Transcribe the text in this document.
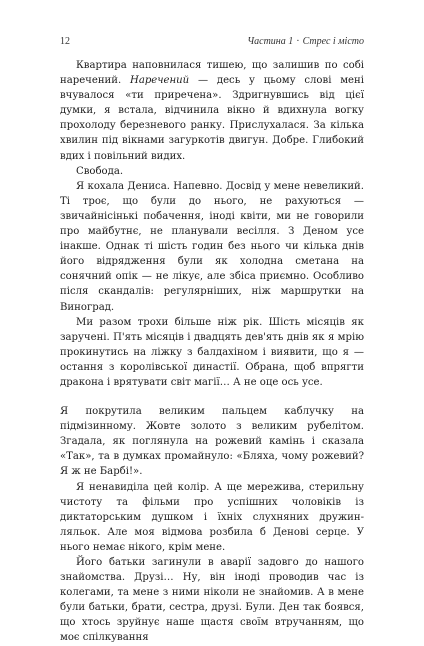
12	Частина 1 · Стрес і місто

Квартира наповнилася тишею, що залишив по собі наречений. Наречений — десь у цьому слові мені вчувалося «ти приречена». Здригнувшись від цієї думки, я встала, відчинила вікно й вдихнула вогку прохолоду березневого ранку. Прислухалася. За кілька хвилин під вікнами загуркотів двигун. Добре. Глибокий вдих і повільний видих.

Свобода.

Я кохала Дениса. Напевно. Досвід у мене невеликий. Ті троє, що були до нього, не рахуються — звичайнісінькі побачення, іноді квіти, ми не говорили про майбутнє, не планували весілля. З Деном усе інакше. Однак ті шість годин без нього чи кілька днів його відрядження були як холодна сметана на сонячний опік — не лікує, але збіса приємно. Особливо після скандалів: регулярніших, ніж маршрутки на Виноград.

Ми разом трохи більше ніж рік. Шість місяців як заручені. П'ять місяців і двадцять дев'ять днів як я мрію прокинутись на ліжку з балдахіном і виявити, що я — остання з королівської династії. Обрана, щоб впрягти дракона і врятувати світ магії… А не оце ось усе.

Я покрутила великим пальцем каблучку на підмізинному. Жовте золото з великим рубелітом. Згадала, як поглянула на рожевий камінь і сказала «Так», та в думках промайнуло: «Бляха, чому рожевий? Я ж не Барбі!».

Я ненавиділа цей колір. А ще мережива, стерильну чистоту та фільми про успішних чоловіків із диктаторським душком і їхніх слухняних дружин-ляльок. Але моя відмова розбила б Денові серце. У нього немає нікого, крім мене.

Його батьки загинули в аварії задовго до нашого знайомства. Друзі… Ну, він іноді проводив час із колегами, та мене з ними ніколи не знайомив. А в мене були батьки, брати, сестра, друзі. Були. Ден так боявся, що хтось зруйнує наше щастя своїм втручанням, що моє спілкування
